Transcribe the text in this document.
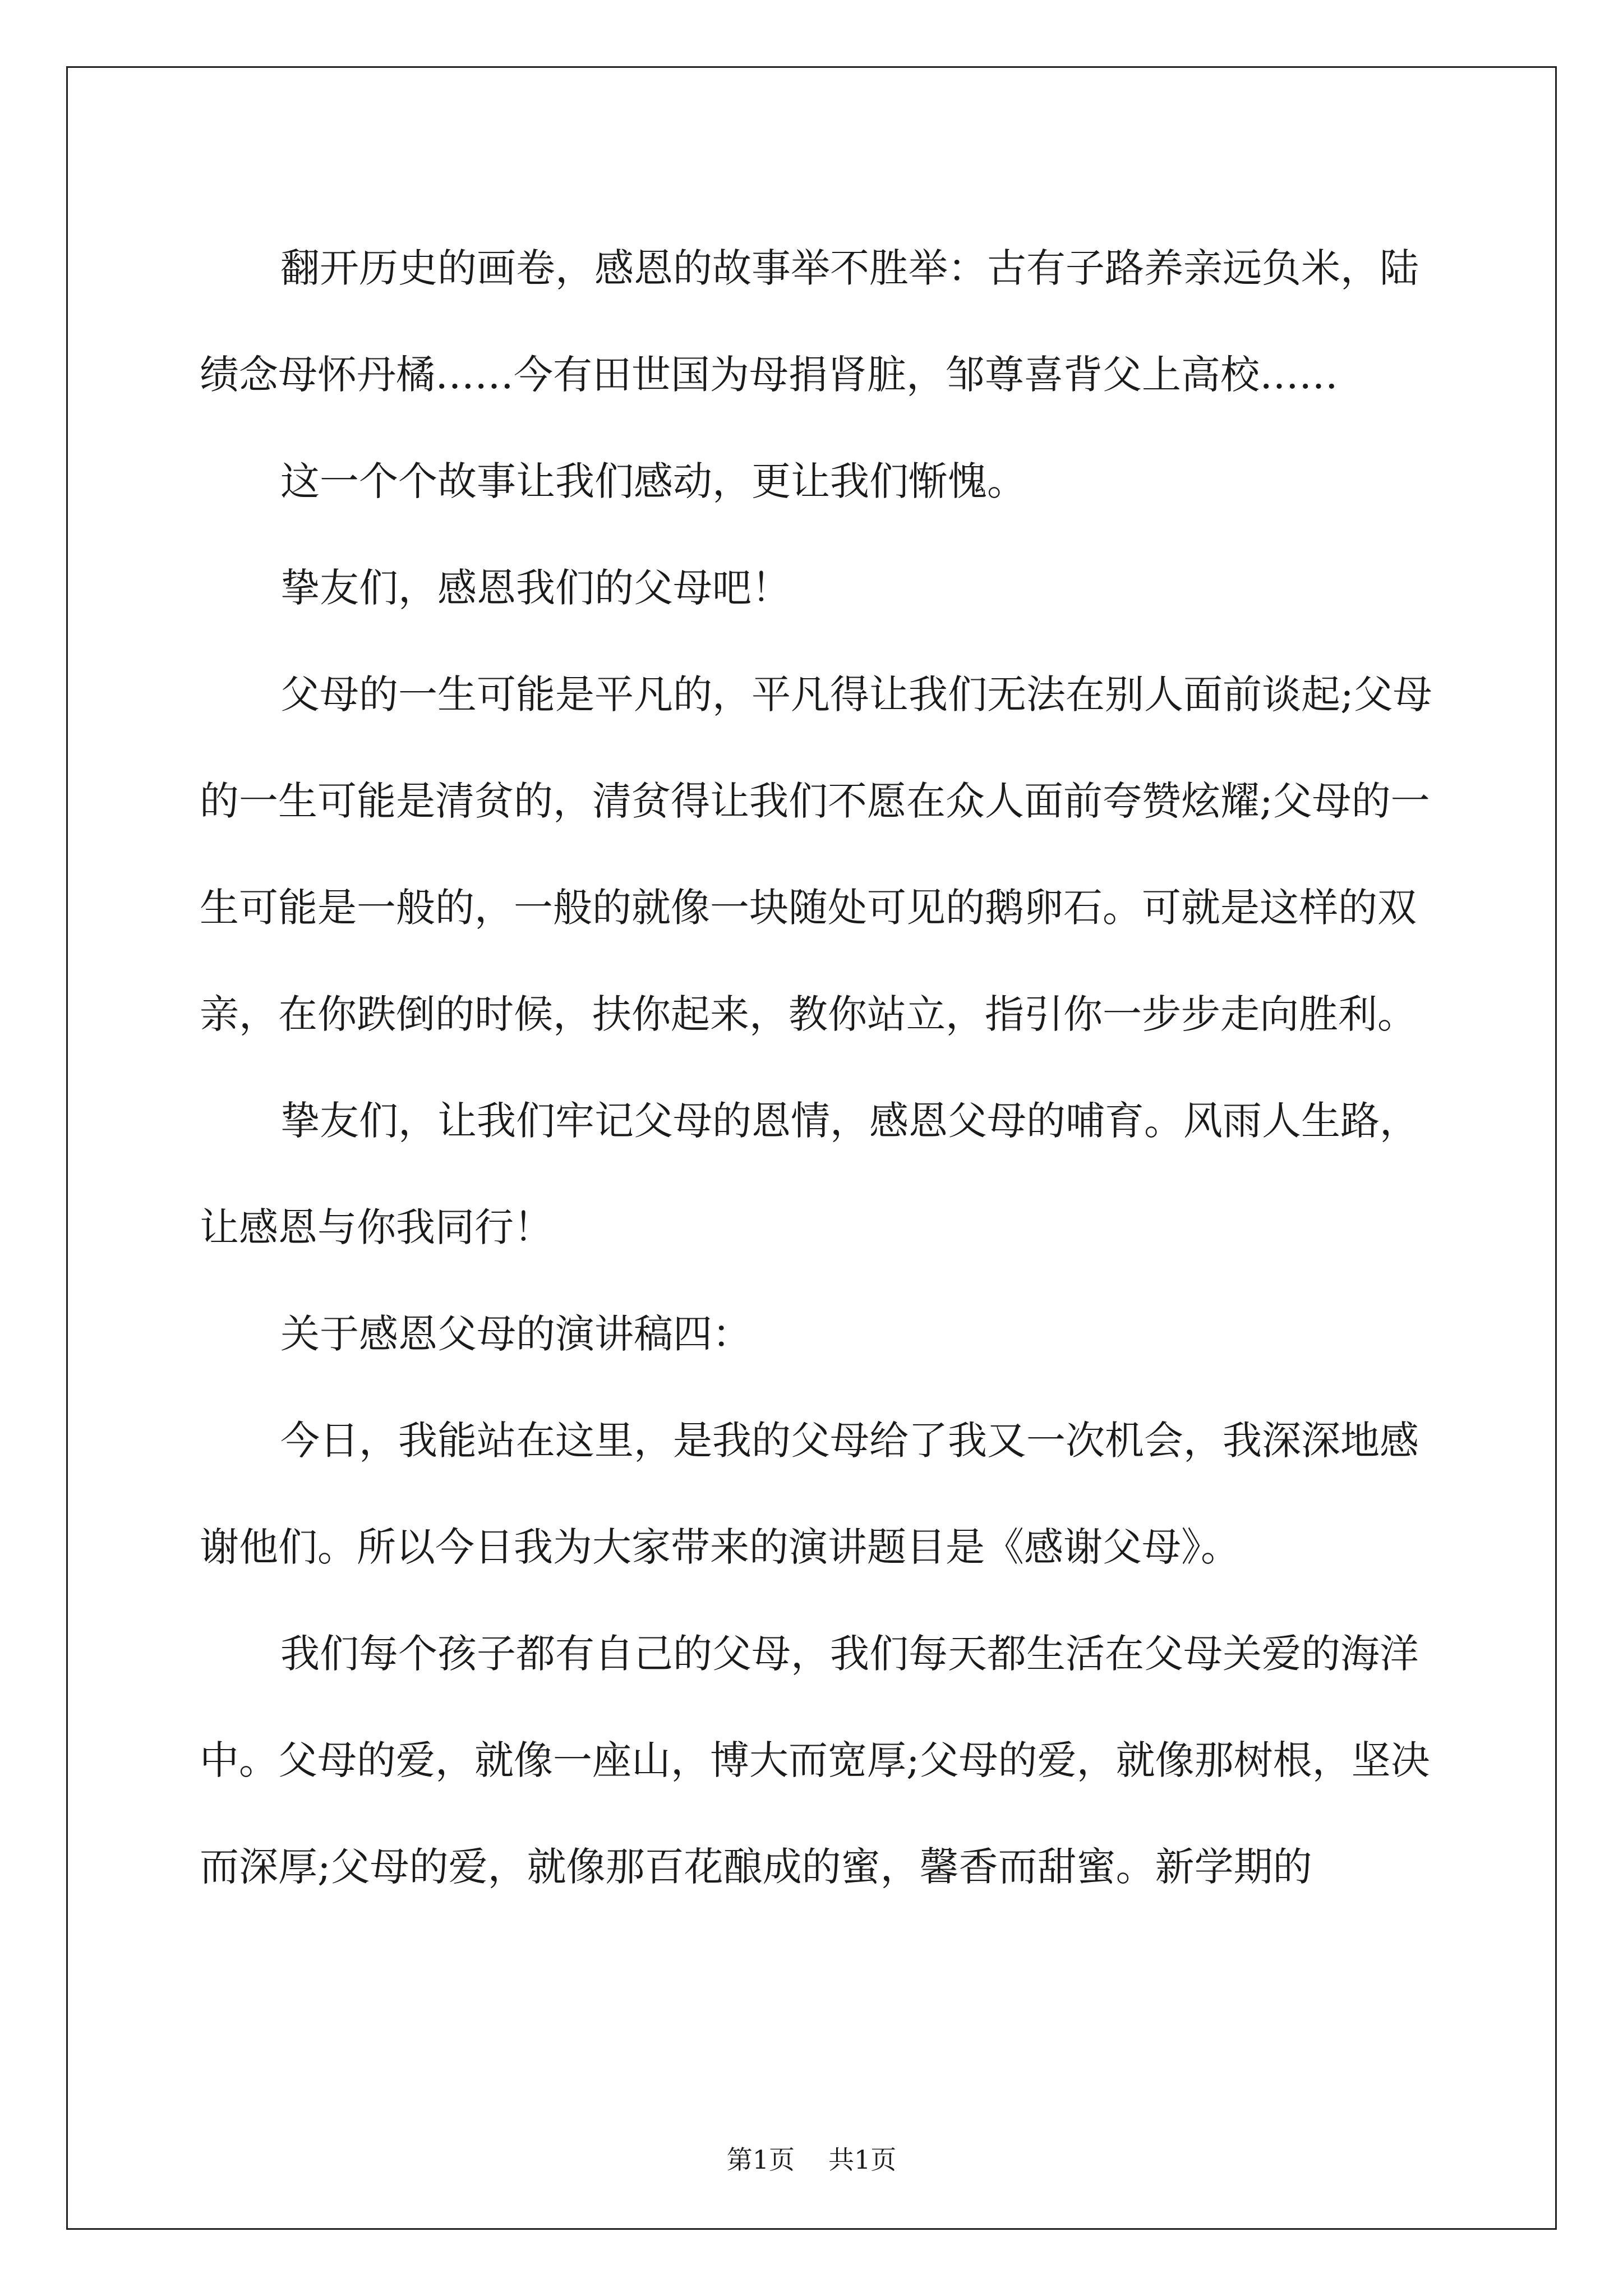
翻开历史的画卷，感恩的故事举不胜举：古有子路养亲远负米，陆绩念母怀丹橘……今有田世国为母捐肾脏，邹尊喜背父上高校……

这一个个故事让我们感动，更让我们惭愧。

挚友们，感恩我们的父母吧！

父母的一生可能是平凡的，平凡得让我们无法在别人面前谈起;父母的一生可能是清贫的，清贫得让我们不愿在众人面前夸赞炫耀;父母的一生可能是一般的，一般的就像一块随处可见的鹅卵石。可就是这样的双亲，在你跌倒的时候，扶你起来，教你站立，指引你一步步走向胜利。

挚友们，让我们牢记父母的恩情，感恩父母的哺育。风雨人生路，让感恩与你我同行！

关于感恩父母的演讲稿四：

今日，我能站在这里，是我的父母给了我又一次机会，我深深地感谢他们。所以今日我为大家带来的演讲题目是《感谢父母》。

我们每个孩子都有自己的父母，我们每天都生活在父母关爱的海洋中。父母的爱，就像一座山，博大而宽厚;父母的爱，就像那树根，坚决而深厚;父母的爱，就像那百花酿成的蜜，馨香而甜蜜。新学期的

第1页 共1页
